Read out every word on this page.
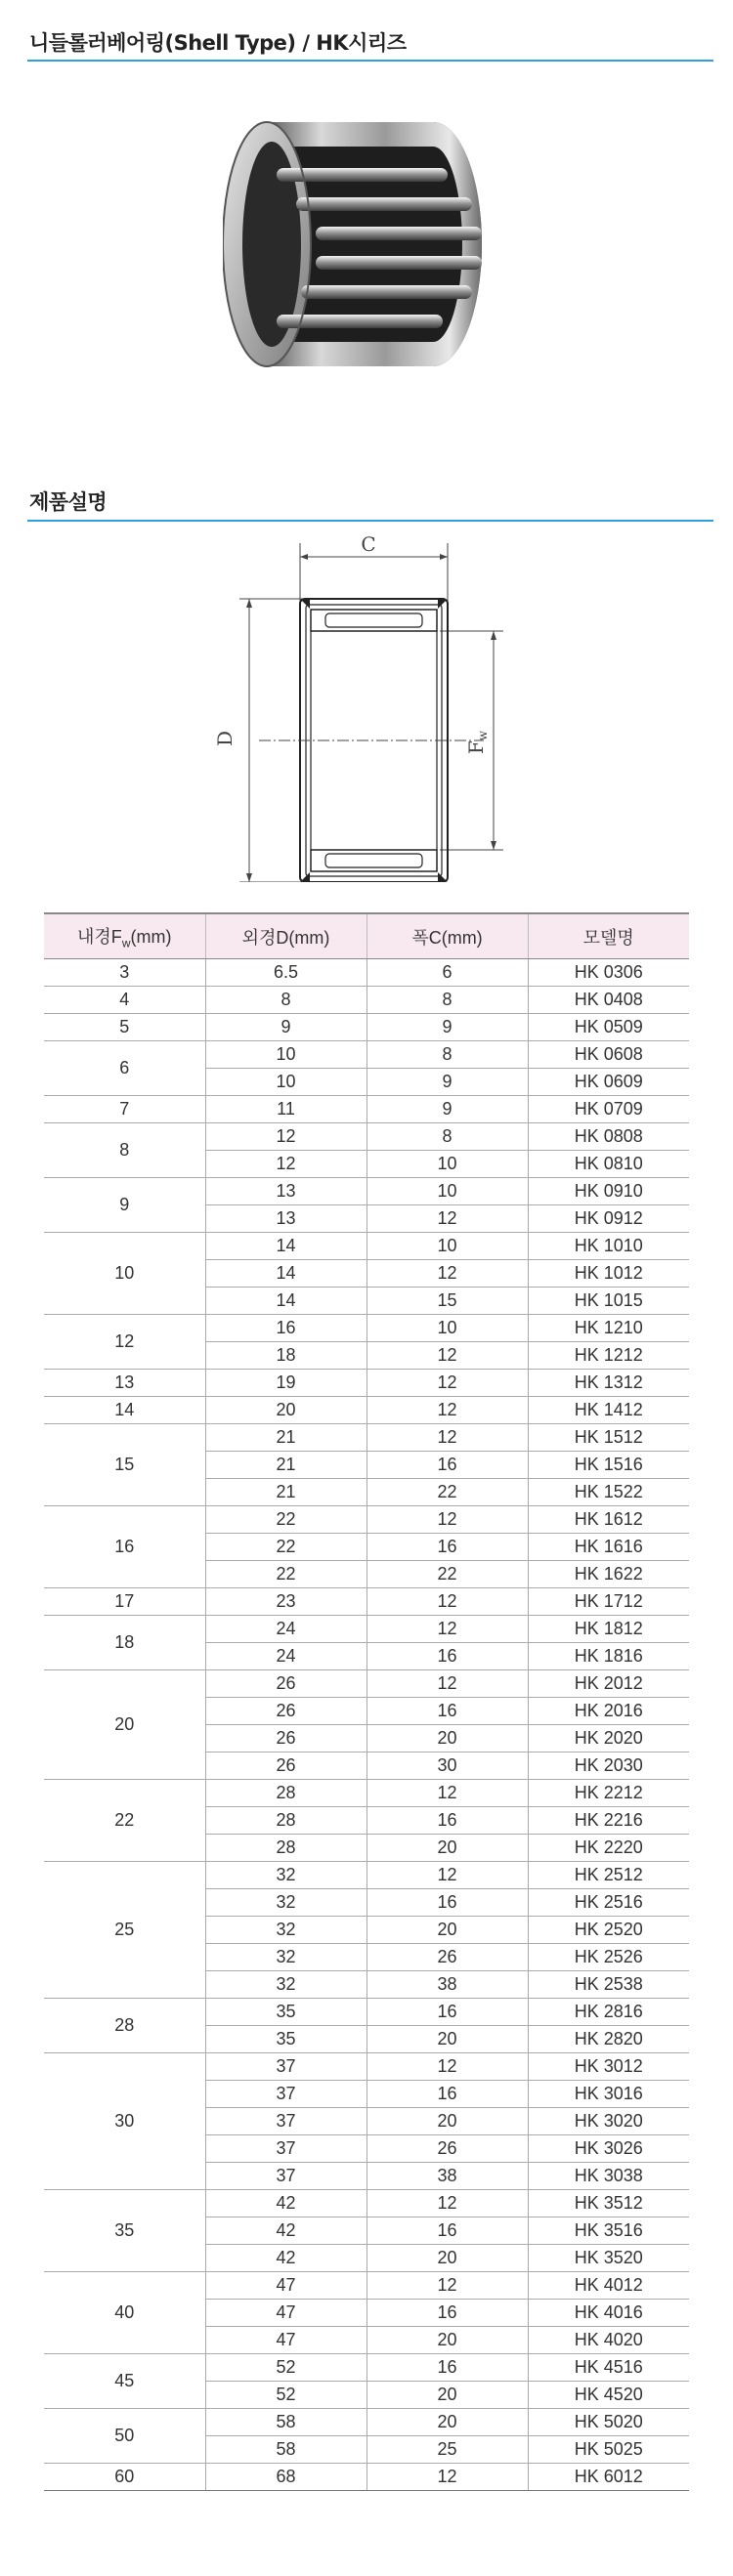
니들롤러베어링(Shell Type) / HK시리즈
제품설명
C
D
$F_w$
내경$F_w(mm)$	외경D(mm)	폭C(mm)	모델명
3	6.5	6	HK 0306
4	8	8	HK 0408
5	9	9	HK 0509
6	10	8	HK 0608
	10	9	HK 0609
7	11	9	HK 0709
8	12	8	HK 0808
	12	10	HK 0810
9	13	10	HK 0910
	13	12	HK 0912
10	14	10	HK 1010
	14	12	HK 1012
	14	15	HK 1015
12	16	10	HK 1210
	18	12	HK 1212
13	19	12	HK 1312
14	20	12	HK 1412
15	21	12	HK 1512
	21	16	HK 1516
	21	22	HK 1522
16	22	12	HK 1612
	22	16	HK 1616
	22	22	HK 1622
17	23	12	HK 1712
18	24	12	HK 1812
	24	16	HK 1816
20	26	12	HK 2012
	26	16	HK 2016
	26	20	HK 2020
	26	30	HK 2030
22	28	12	HK 2212
	28	16	HK 2216
	28	20	HK 2220
25	32	12	HK 2512
	32	16	HK 2516
	32	20	HK 2520
	32	26	HK 2526
	32	38	HK 2538
28	35	16	HK 2816
	35	20	HK 2820
30	37	12	HK 3012
	37	16	HK 3016
	37	20	HK 3020
	37	26	HK 3026
	37	38	HK 3038
35	42	12	HK 3512
	42	16	HK 3516
	42	20	HK 3520
40	47	12	HK 4012
	47	16	HK 4016
	47	20	HK 4020
45	52	16	HK 4516
	52	20	HK 4520
50	58	20	HK 5020
	58	25	HK 5025
60	68	12	HK 6012
